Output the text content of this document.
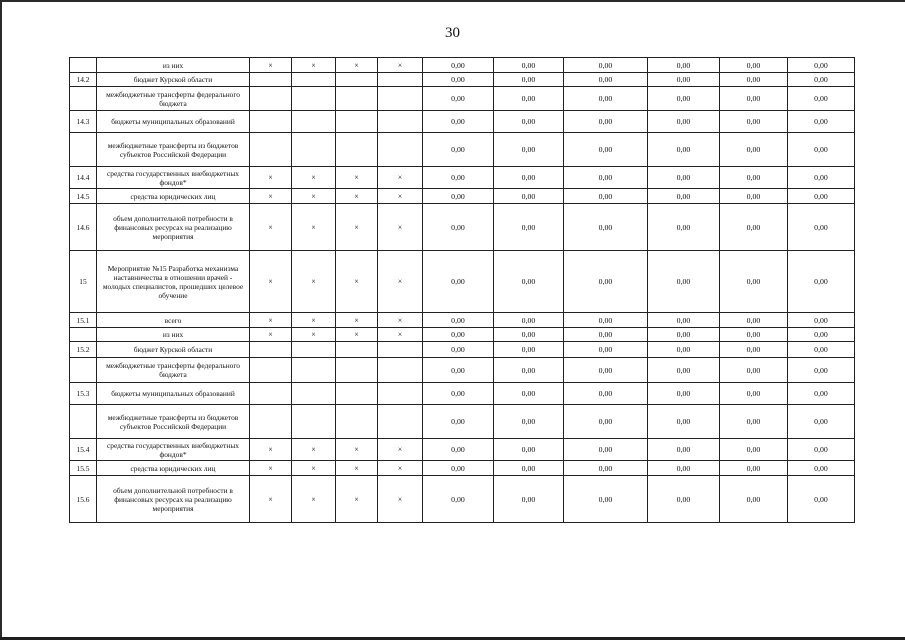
30
	из них	×	×	×	×	0,00	0,00	0,00	0,00	0,00	0,00
14.2	бюджет Курской области					0,00	0,00	0,00	0,00	0,00	0,00
	межбюджетные трансферты федерального бюджета					0,00	0,00	0,00	0,00	0,00	0,00
14.3	бюджеты муниципальных образований					0,00	0,00	0,00	0,00	0,00	0,00
	межбюджетные трансферты из бюджетов субъектов Российской Федерации					0,00	0,00	0,00	0,00	0,00	0,00
14.4	средства государственных внебюджетных фондов*	×	×	×	×	0,00	0,00	0,00	0,00	0,00	0,00
14.5	средства юридических лиц	×	×	×	×	0,00	0,00	0,00	0,00	0,00	0,00
14.6	объем дополнительной потребности в финансовых ресурсах на реализацию мероприятия	×	×	×	×	0,00	0,00	0,00	0,00	0,00	0,00
15	Мероприятие №15 Разработка механизма наставничества в отношении врачей - молодых специалистов, прошедших целевое обучение	×	×	×	×	0,00	0,00	0,00	0,00	0,00	0,00
15.1	всего	×	×	×	×	0,00	0,00	0,00	0,00	0,00	0,00
	из них	×	×	×	×	0,00	0,00	0,00	0,00	0,00	0,00
15.2	бюджет Курской области					0,00	0,00	0,00	0,00	0,00	0,00
	межбюджетные трансферты федерального бюджета					0,00	0,00	0,00	0,00	0,00	0,00
15.3	бюджеты муниципальных образований					0,00	0,00	0,00	0,00	0,00	0,00
	межбюджетные трансферты из бюджетов субъектов Российской Федерации					0,00	0,00	0,00	0,00	0,00	0,00
15.4	средства государственных внебюджетных фондов*	×	×	×	×	0,00	0,00	0,00	0,00	0,00	0,00
15.5	средства юридических лиц	×	×	×	×	0,00	0,00	0,00	0,00	0,00	0,00
15.6	объем дополнительной потребности в финансовых ресурсах на реализацию мероприятия	×	×	×	×	0,00	0,00	0,00	0,00	0,00	0,00
